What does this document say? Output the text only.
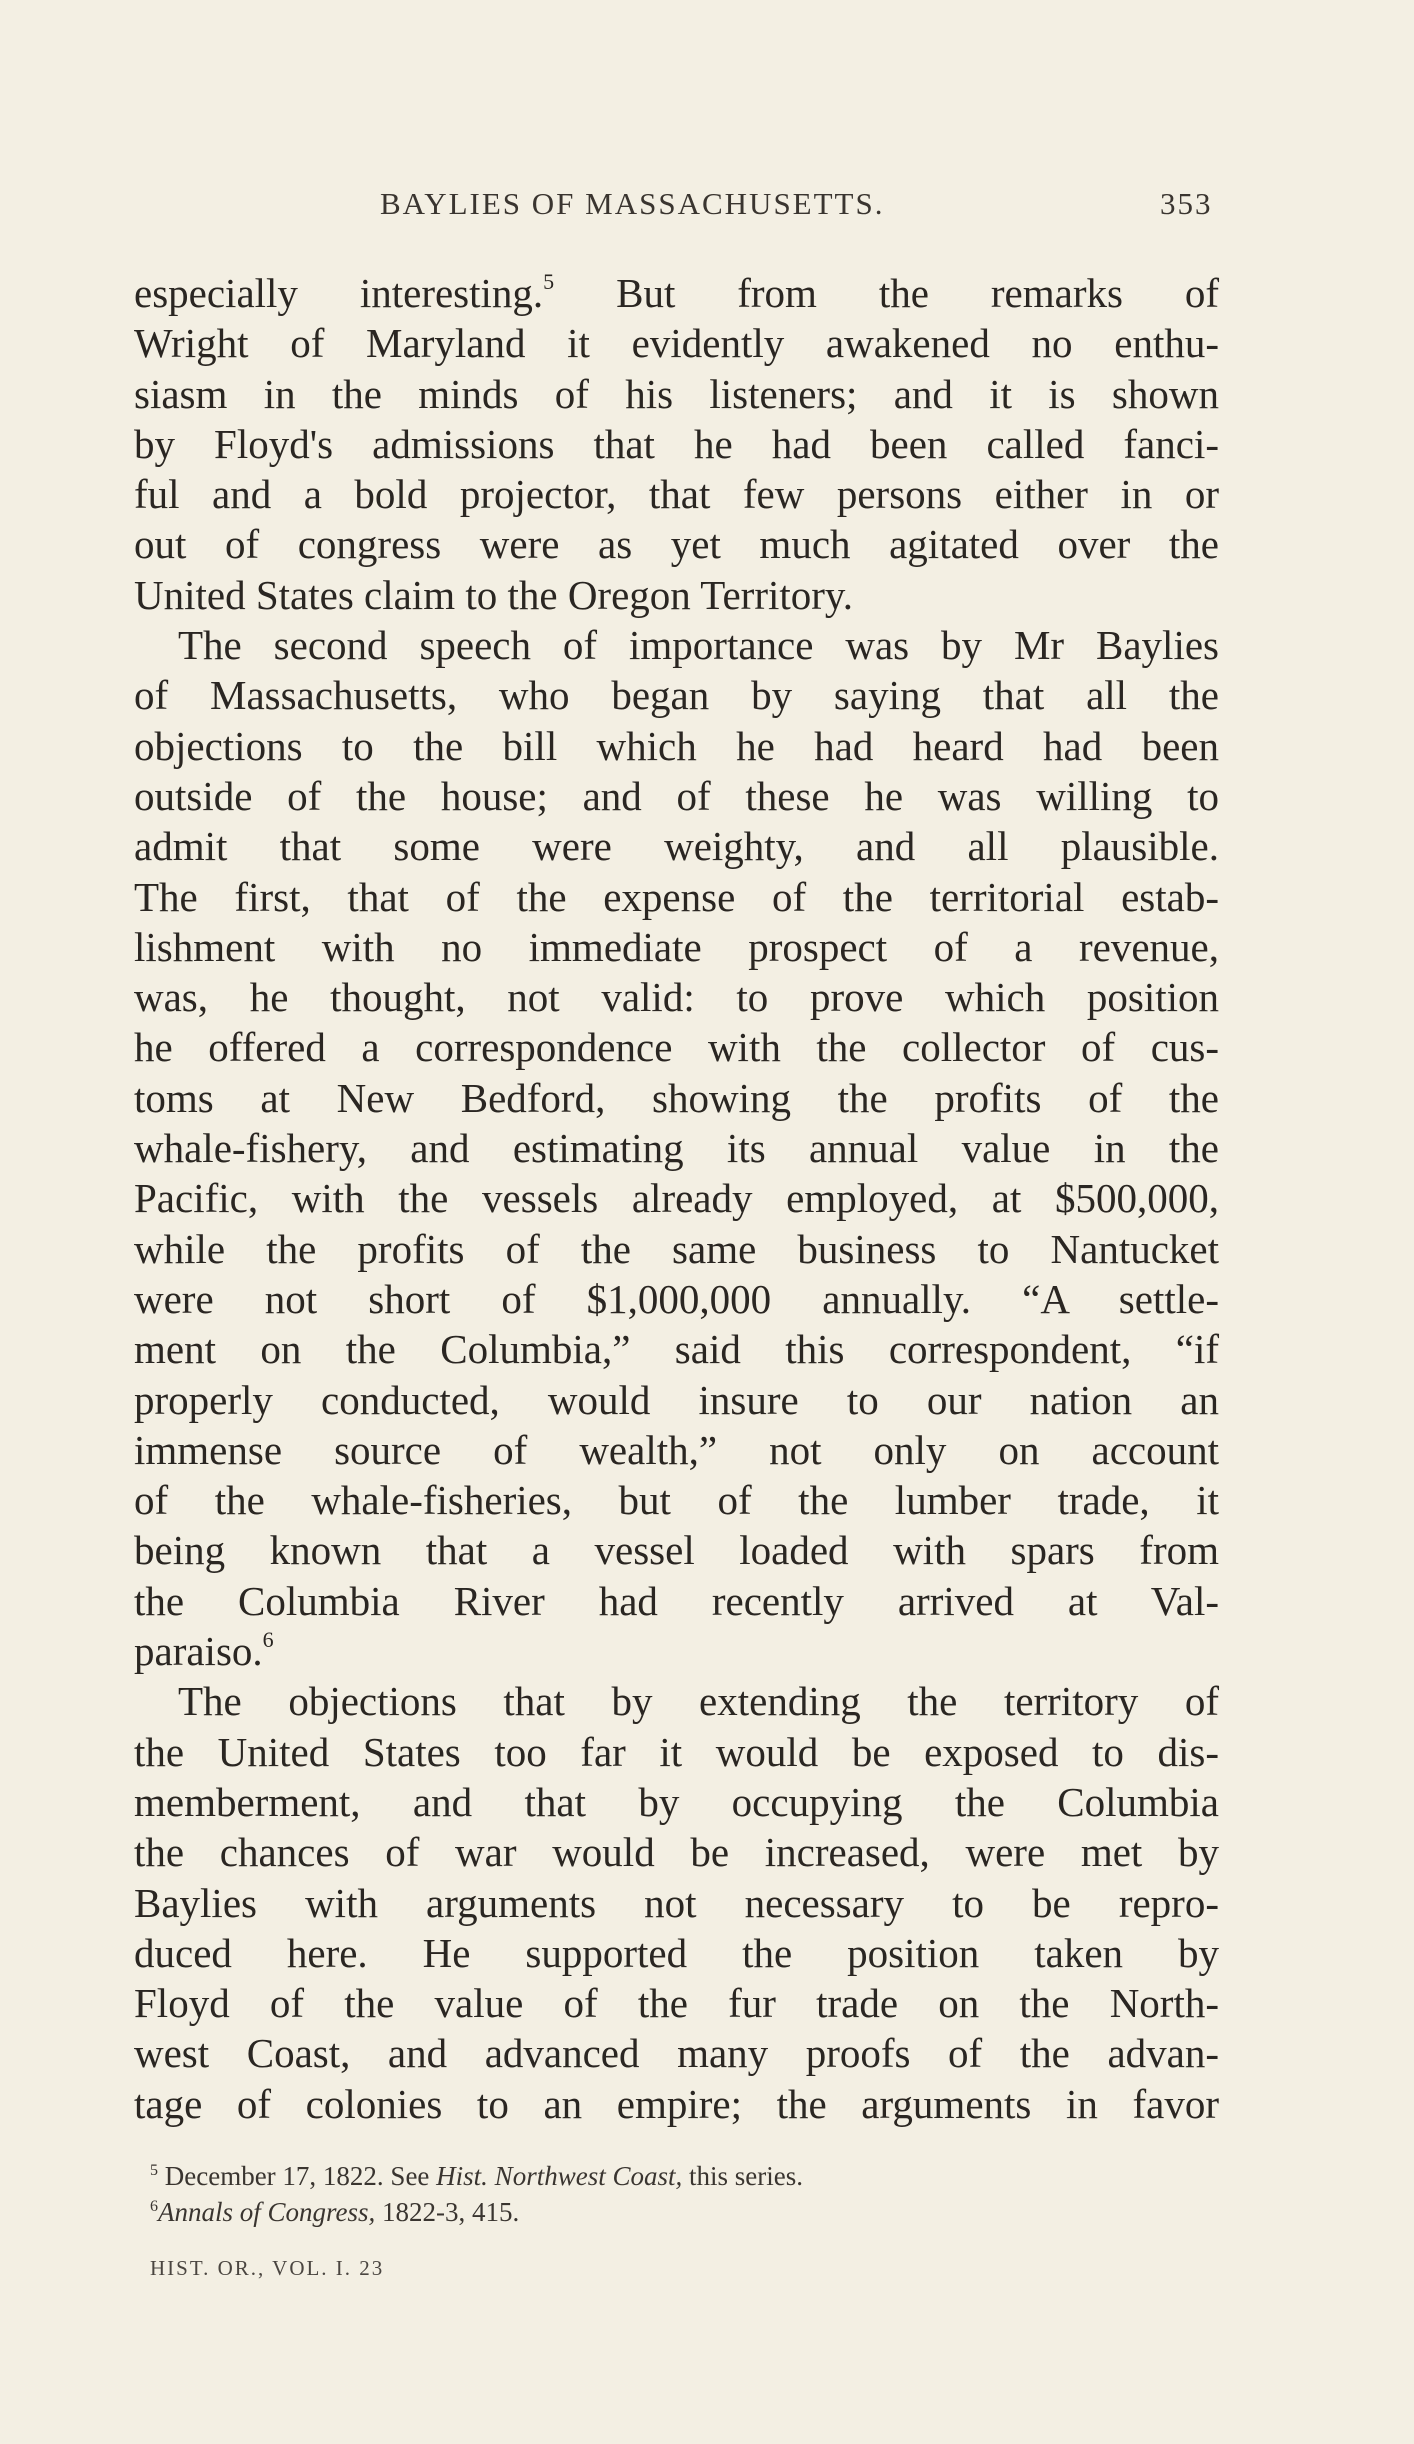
BAYLIES OF MASSACHUSETTS.	353
especially interesting.$^5$ But from the remarks of
Wright of Maryland it evidently awakened no enthu-
siasm in the minds of his listeners; and it is shown
by Floyd's admissions that he had been called fanci-
ful and a bold projector, that few persons either in or
out of congress were as yet much agitated over the
United States claim to the Oregon Territory.
The second speech of importance was by Mr Baylies
of Massachusetts, who began by saying that all the
objections to the bill which he had heard had been
outside of the house; and of these he was willing to
admit that some were weighty, and all plausible.
The first, that of the expense of the territorial estab-
lishment with no immediate prospect of a revenue,
was, he thought, not valid: to prove which position
he offered a correspondence with the collector of cus-
toms at New Bedford, showing the profits of the
whale-fishery, and estimating its annual value in the
Pacific, with the vessels already employed, at $500,000,
while the profits of the same business to Nantucket
were not short of $1,000,000 annually. “A settle-
ment on the Columbia,” said this correspondent, “if
properly conducted, would insure to our nation an
immense source of wealth,” not only on account
of the whale-fisheries, but of the lumber trade, it
being known that a vessel loaded with spars from
the Columbia River had recently arrived at Val-
paraiso.$^6$
The objections that by extending the territory of
the United States too far it would be exposed to dis-
memberment, and that by occupying the Columbia
the chances of war would be increased, were met by
Baylies with arguments not necessary to be repro-
duced here. He supported the position taken by
Floyd of the value of the fur trade on the North-
west Coast, and advanced many proofs of the advan-
tage of colonies to an empire; the arguments in favor
$^5$ December 17, 1822. See Hist. Northwest Coast, this series.
$^6$Annals of Congress, 1822-3, 415.
HIST. OR., VOL. I. 23
